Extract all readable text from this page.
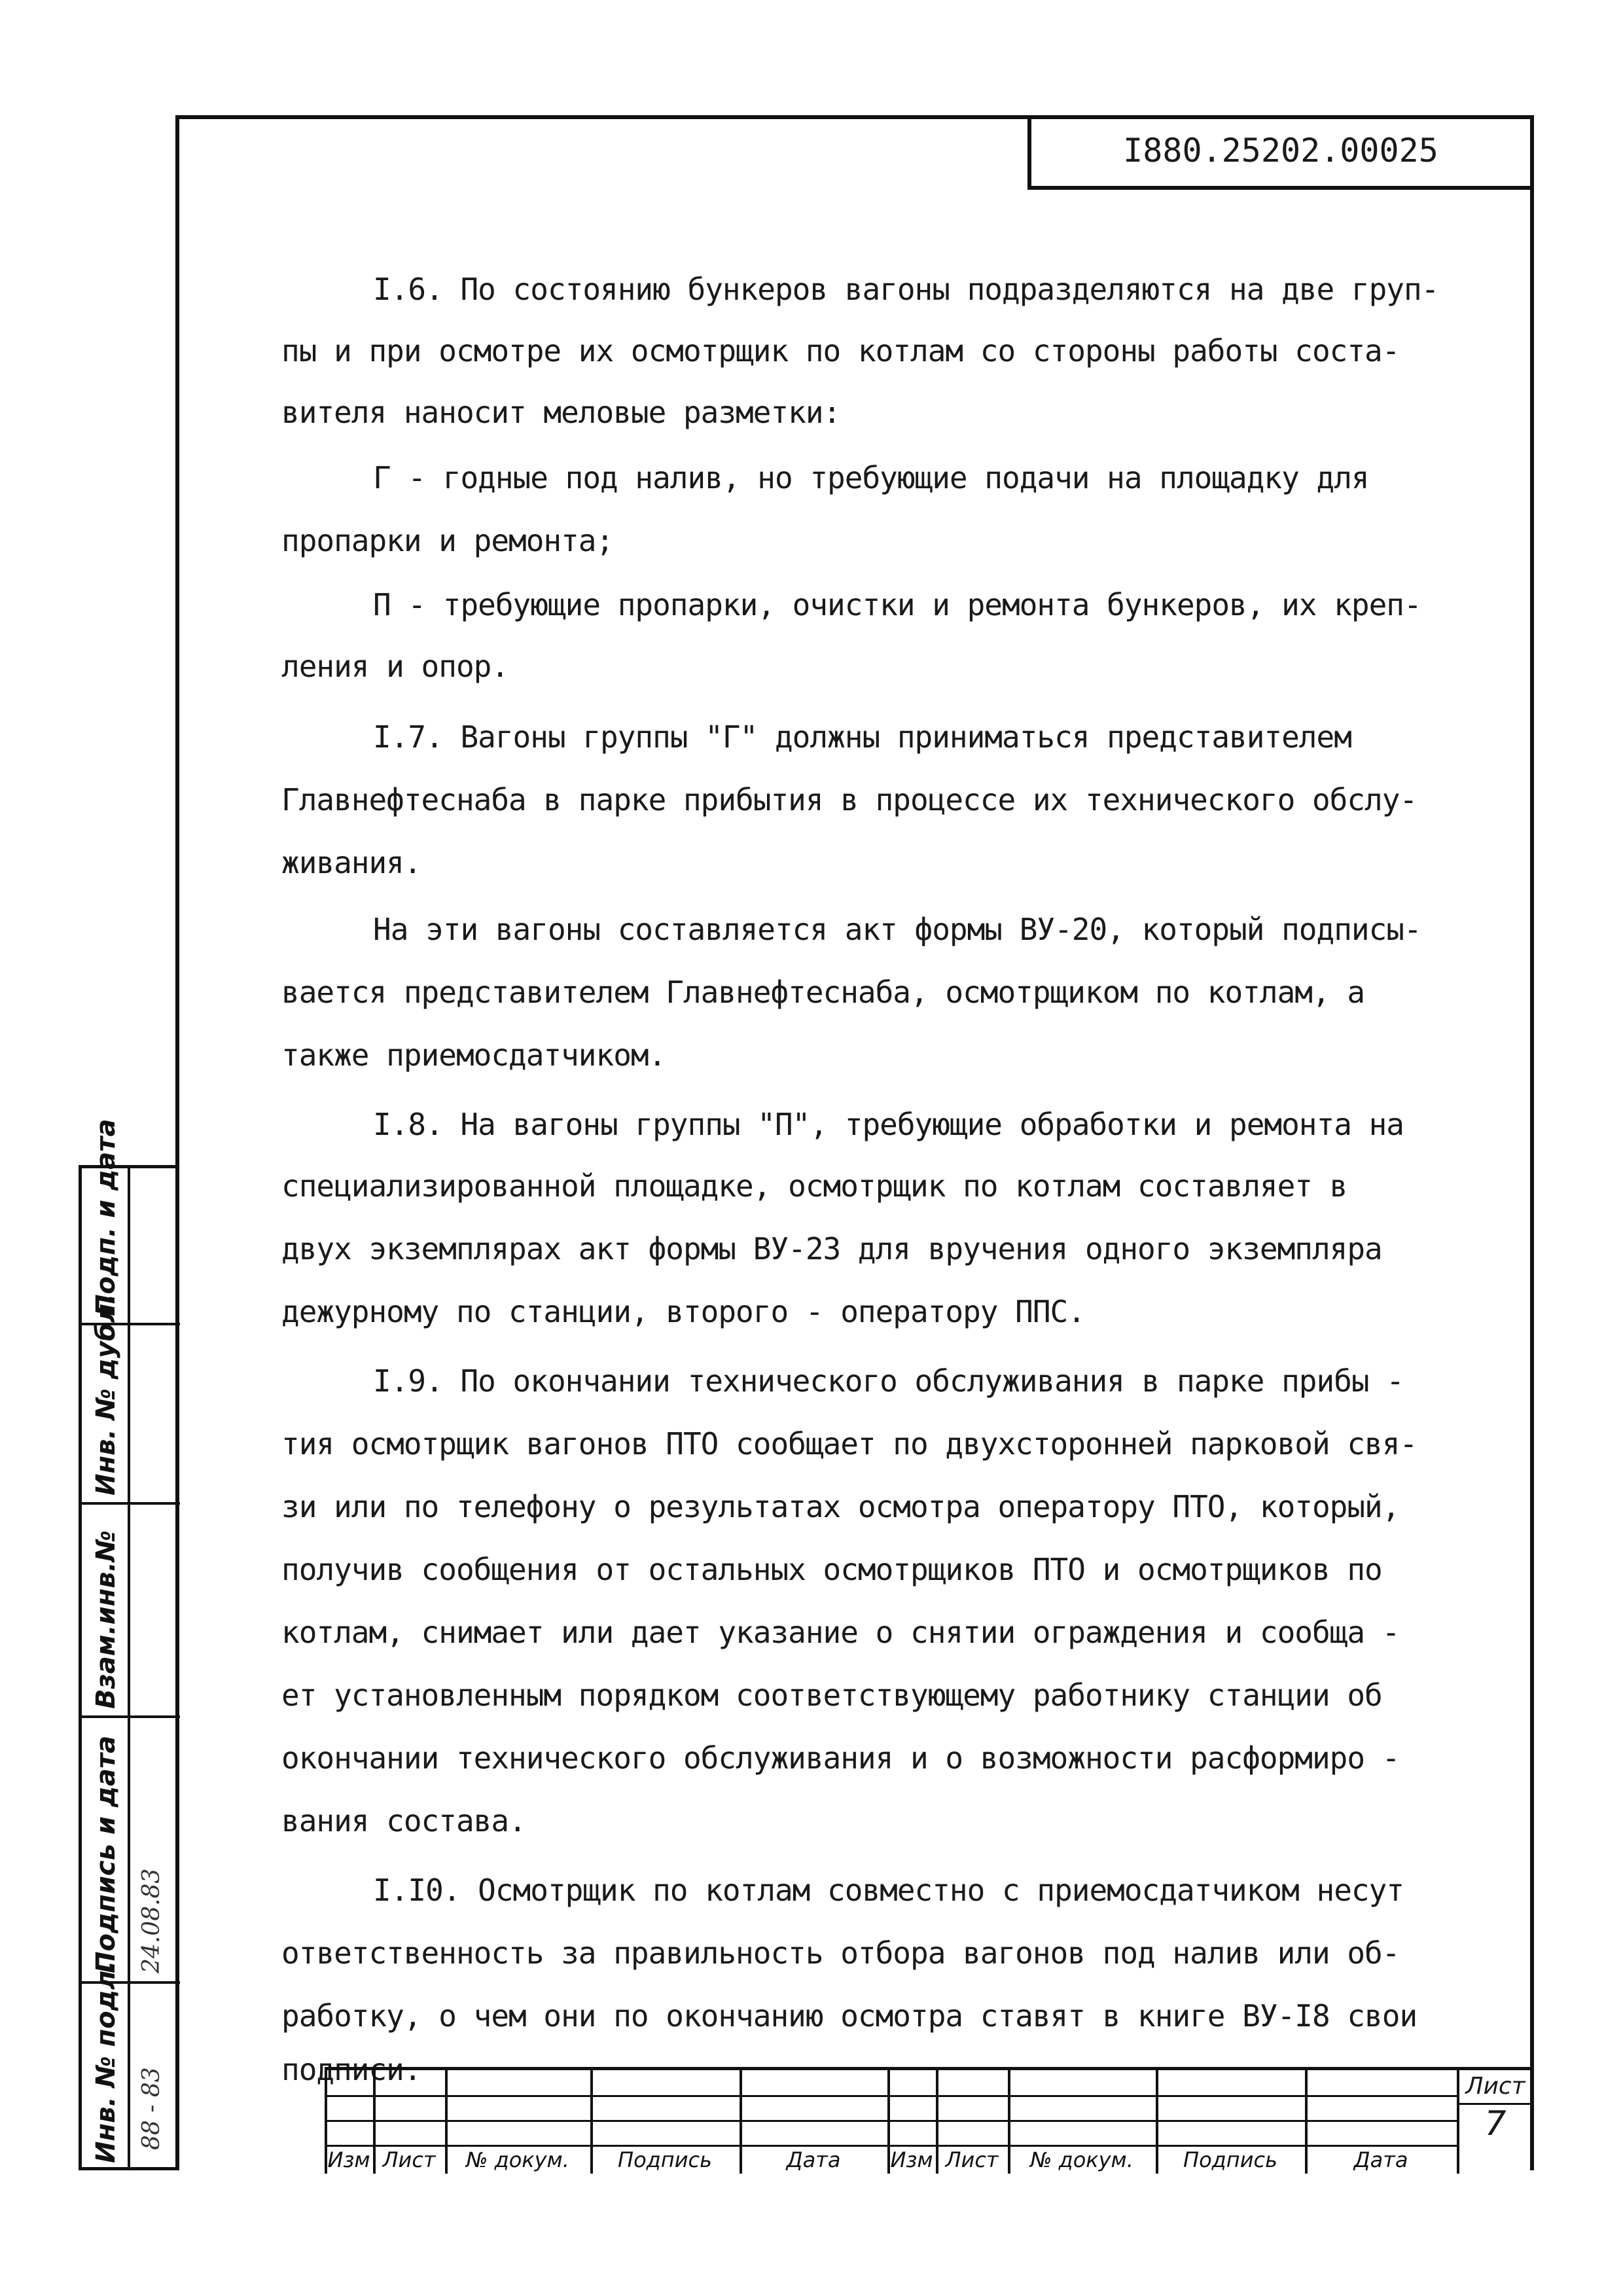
I880.25202.00025
I.6. По состоянию бункеров вагоны подразделяются на две груп-
пы и при осмотре их осмотрщик по котлам со стороны работы соста-
вителя наносит меловые разметки:
Г - годные под налив, но требующие подачи на площадку для
пропарки и ремонта;
П - требующие пропарки, очистки и ремонта бункеров, их креп-
ления и опор.
I.7. Вагоны группы "Г" должны приниматься представителем
Главнефтеснаба в парке прибытия в процессе их технического обслу-
живания.
На эти вагоны составляется акт формы ВУ-20, который подписы-
вается представителем Главнефтеснаба, осмотрщиком по котлам, а
также приемосдатчиком.
I.8. На вагоны группы "П", требующие обработки и ремонта на
специализированной площадке, осмотрщик по котлам составляет в
двух экземплярах акт формы ВУ-23 для вручения одного экземпляра
дежурному по станции, второго - оператору ППС.
I.9. По окончании технического обслуживания в парке прибы -
тия осмотрщик вагонов ПТО сообщает по двухсторонней парковой свя-
зи или по телефону о результатах осмотра оператору ПТО, который,
получив сообщения от остальных осмотрщиков ПТО и осмотрщиков по
котлам, снимает или дает указание о снятии ограждения и сообща -
ет установленным порядком соответствующему работнику станции об
окончании технического обслуживания и о возможности расформиро -
вания состава.
I.I0. Осмотрщик по котлам совместно с приемосдатчиком несут
ответственность за правильность отбора вагонов под налив или об-
работку, о чем они по окончанию осмотра ставят в книге ВУ-I8 свои
подписи.
Инв. № подл.
Подпись и дата
Взам.инв.№
Инв. № дубл.
Подп. и дата
88 - 83
24.08.83
Изм Лист	№ докум.	Подпись	Дата	Изм Лист	№ докум.	Подпись	Дата
Лист
7
